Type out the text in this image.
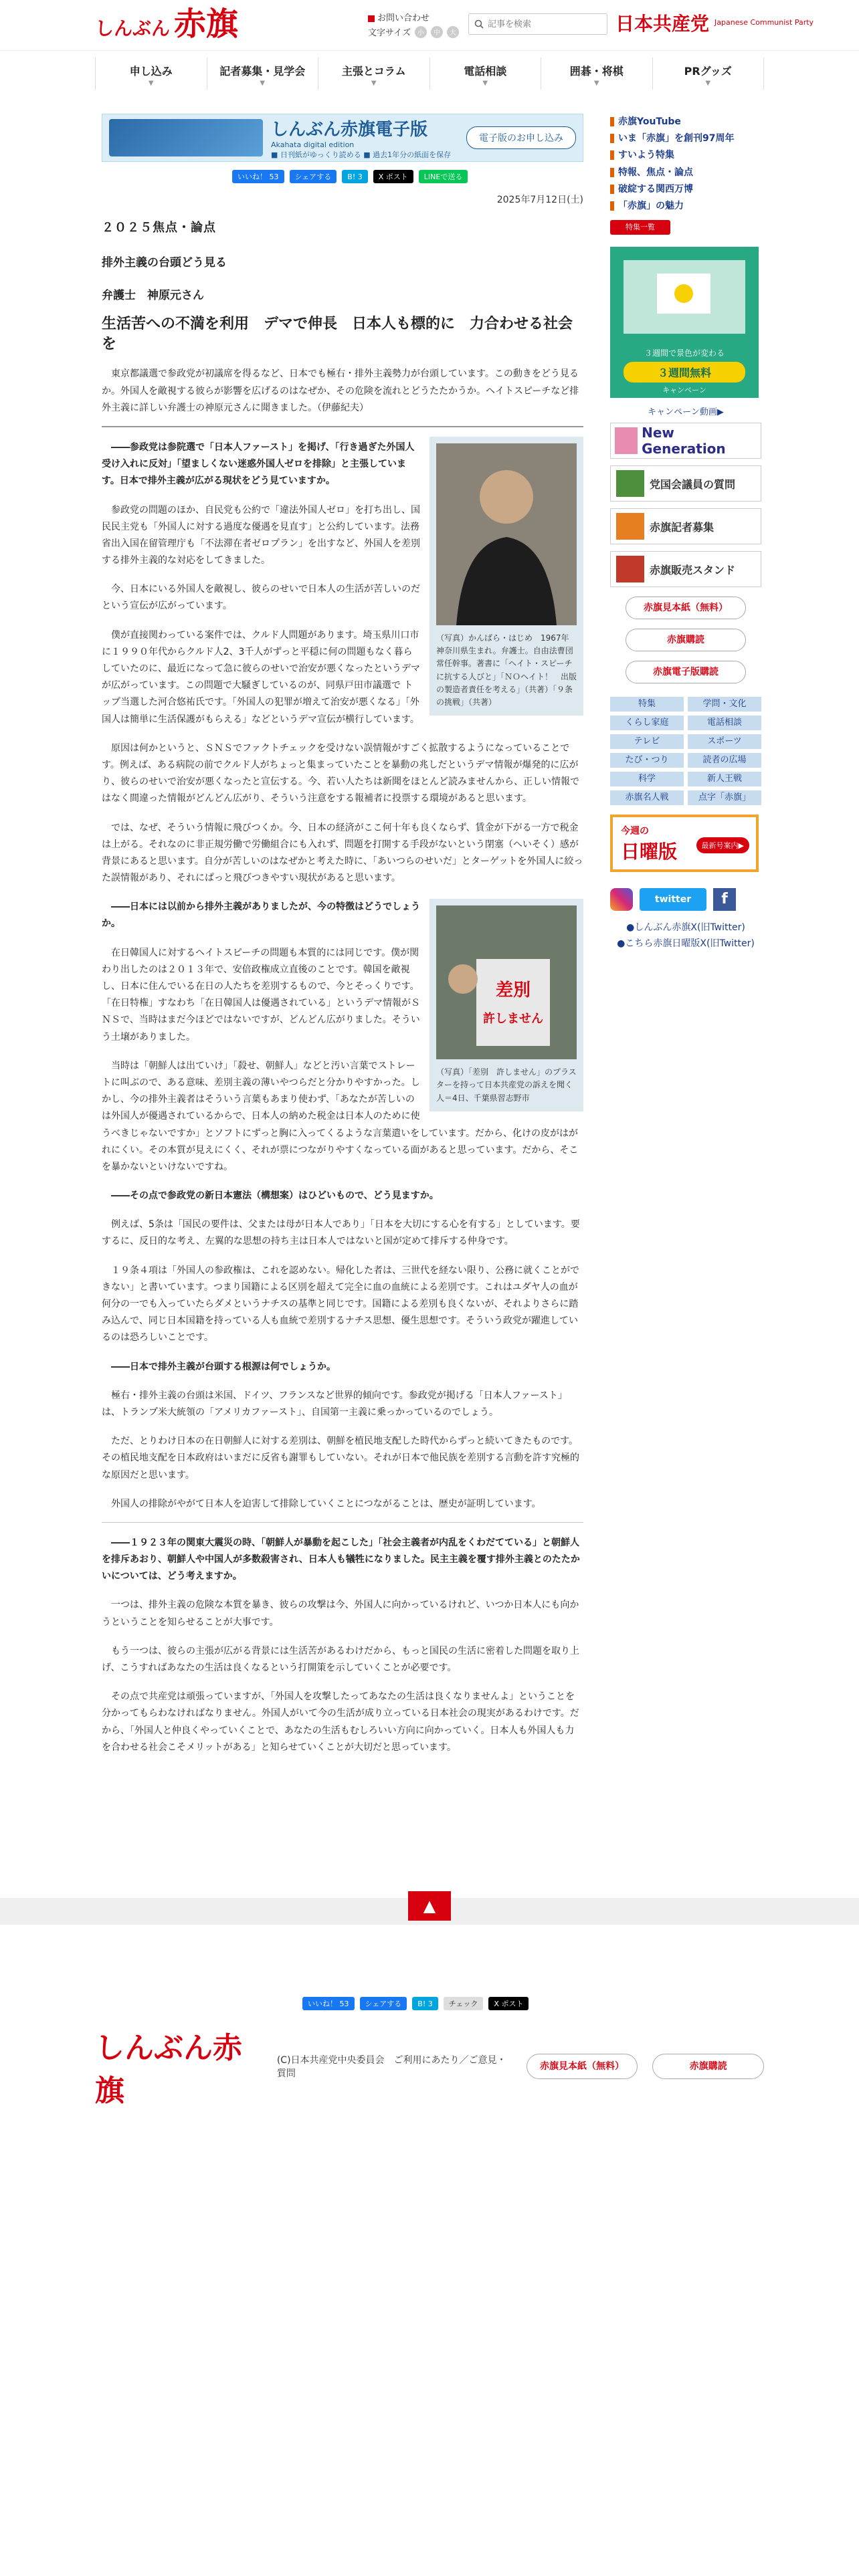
しんぶん 赤旗	お問い合わせ
文字サイズ	小	中	大
記事を検索	日本共産党 Japanese Communist Party
申し込み
▼
記者募集・見学会
▼
主張とコラム
▼
電話相談
▼
囲碁・将棋
▼
PRグッズ
▼
しんぶん赤旗電子版
Akahata digital edition
■ 日刊紙がゆっくり読める ■ 過去1年分の紙面を保存
電子版のお申し込み
いいね！ 53	シェアする	B! 3	X ポスト	LINEで送る
2025年7月12日(土)
２０２５焦点・論点
排外主義の台頭どう見る
弁護士　神原元さん
生活苦への不満を利用　デマで伸長　日本人も標的に　力合わせる社会を

東京都議選で参政党が初議席を得るなど、日本でも極右・排外主義勢力が台頭しています。この動きをどう見るか。外国人を敵視する彼らが影響を広げるのはなぜか、その危険を流れとどうたたかうか。ヘイトスピーチなど排外主義に詳しい弁護士の神原元さんに聞きました。（伊藤紀夫）

（写真）かんばら・はじめ　1967年神奈川県生まれ。弁護士。自由法曹団常任幹事。著書に「ヘイト・スピーチに抗する人びと」「ＮＯヘイト！　出版の製造者責任を考える」（共著）「９条の挑戦」（共著）

――参政党は参院選で「日本人ファースト」を掲げ、「行き過ぎた外国人受け入れに反対」「望ましくない迷惑外国人ゼロを排除」と主張しています。日本で排外主義が広がる現状をどう見ていますか。

参政党の問題のほか、自民党も公約で「違法外国人ゼロ」を打ち出し、国民民主党も「外国人に対する過度な優遇を見直す」と公約しています。法務省出入国在留管理庁も「不法滞在者ゼロプラン」を出すなど、外国人を差別する排外主義的な対応をしてきました。

今、日本にいる外国人を敵視し、彼らのせいで日本人の生活が苦しいのだという宣伝が広がっています。

僕が直接関わっている案件では、クルド人問題があります。埼玉県川口市に１９９０年代からクルド人2、3千人がずっと平穏に何の問題もなく暮らしていたのに、最近になって急に彼らのせいで治安が悪くなったというデマが広がっています。この問題で大騒ぎしているのが、同県戸田市議選で トップ当選した河合悠祐氏です。「外国人の犯罪が増えて治安が悪くなる」「外国人は簡単に生活保護がもらえる」などというデマ宣伝が横行しています。

原因は何かというと、ＳＮＳでファクトチェックを受けない誤情報がすごく拡散するようになっていることです。例えば、ある病院の前でクルド人がちょっと集まっていたことを暴動の兆しだというデマ情報が爆発的に広がり、彼らのせいで治安が悪くなったと宣伝する。今、若い人たちは新聞をほとんど読みませんから、正しい情報ではなく間違った情報がどんどん広がり、そういう注意をする報補者に投票する環境があると思います。

では、なぜ、そういう情報に飛びつくか。今、日本の経済がここ何十年も良くならず、賃金が下がる一方で税金は上がる。それなのに非正規労働で労働組合にも入れず、問題を打開する手段がないという閉塞（へいそく）感が背景にあると思います。自分が苦しいのはなぜかと考えた時に、「あいつらのせいだ」とターゲットを外国人に絞った誤情報があり、それにぱっと飛びつきやすい現状があると思います。

差別
許しません
（写真）「差別　許しません」のプラスターを持って日本共産党の訴えを聞く人＝4日、千葉県習志野市

――日本には以前から排外主義がありましたが、今の特徴はどうでしょうか。

在日韓国人に対するヘイトスピーチの問題も本質的には同じです。僕が関わり出したのは２０１３年で、安倍政権成立直後のことです。韓国を敵視し、日本に住んでいる在日の人たちを差別するもので、今とそっくりです。「在日特権」すなわち「在日韓国人は優遇されている」というデマ情報がＳＮＳで、当時はまだ今ほどではないですが、どんどん広がりました。そういう土壌がありました。

当時は「朝鮮人は出ていけ」「殺せ、朝鮮人」などと汚い言葉でストレートに叫ぶので、ある意味、差別主義の薄いやつらだと分かりやすかった。しかし、今の排外主義者はそういう言葉もあまり使わず、「あなたが苦しいのは外国人が優遇されているからで、日本人の納めた税金は日本人のために使うべきじゃないですか」とソフトにずっと胸に入ってくるような言葉遣いをしています。だから、化けの皮がはがれにくい。その本質が見えにくく、それが票につながりやすくなっている面があると思っています。だから、そこを暴かないといけないですね。

――その点で参政党の新日本憲法（構想案）はひどいもので、どう見ますか。

例えば、5条は「国民の要件は、父または母が日本人であり」「日本を大切にする心を有する」としています。要するに、反日的な考え、左翼的な思想の持ち主は日本人ではないと国が定めて排斥する仲身です。

１９条４項は「外国人の参政権は、これを認めない。帰化した者は、三世代を経ない限り、公務に就くことができない」と書いています。つまり国籍による区別を超えて完全に血の血統による差別です。これはユダヤ人の血が何分の一でも入っていたらダメというナチスの基準と同じです。国籍による差別も良くないが、それよりさらに踏み込んで、同じ日本国籍を持っている人も血統で差別するナチス思想、優生思想です。そういう政党が躍進しているのは恐ろしいことです。

――日本で排外主義が台頭する根源は何でしょうか。

極右・排外主義の台頭は米国、ドイツ、フランスなど世界的傾向です。参政党が掲げる「日本人ファースト」は、トランプ米大統領の「アメリカファースト」、自国第一主義に乗っかっているのでしょう。

ただ、とりわけ日本の在日朝鮮人に対する差別は、朝鮮を植民地支配した時代からずっと続いてきたものです。その植民地支配を日本政府はいまだに反省も謝罪もしていない。それが日本で他民族を差別する言動を許す究極的な原因だと思います。

外国人の排除がやがて日本人を迫害して排除していくことにつながることは、歴史が証明しています。

――１９２３年の関東大震災の時、「朝鮮人が暴動を起こした」「社会主義者が内乱をくわだてている」と朝鮮人を排斥あおり、朝鮮人や中国人が多数殺害され、日本人も犠牲になりました。民主主義を覆す排外主義とのたたかいについては、どう考えますか。

一つは、排外主義の危険な本質を暴き、彼らの攻撃は今、外国人に向かっているけれど、いつか日本人にも向かうということを知らせることが大事です。

もう一つは、彼らの主張が広がる背景には生活苦があるわけだから、もっと国民の生活に密着した問題を取り上げ、こうすればあなたの生活は良くなるという打開策を示していくことが必要です。

その点で共産党は頑張っていますが、「外国人を攻撃したってあなたの生活は良くなりませんよ」ということを分かってもらわなければなりません。外国人がいて今の生活が成り立っている日本社会の現実があるわけです。だから、「外国人と仲良くやっていくことで、あなたの生活もむしろいい方向に向かっていく。日本人も外国人も力を合わせる社会こそメリットがある」と知らせていくことが大切だと思っています。

赤旗YouTube
いま「赤旗」を創刊97周年
すいよう特集
特報、焦点・論点
破綻する関西万博
「赤旗」の魅力
特集一覧
３週間で景色が変わる
３週間無料
キャンペーン
キャンペーン動画▶
New Generation
党国会議員の質問
赤旗記者募集
赤旗販売スタンド
赤旗見本紙（無料）
赤旗購読
赤旗電子版購読
特集	学問・文化
くらし家庭	電話相談
テレビ	スポーツ
たび・つり	読者の広場
科学	新人王戦
赤旗名人戦	点字「赤旗」
今週の
日曜版	最新号案内▶
twitter	f
●しんぶん赤旗X(旧Twitter)
●こちら赤旗日曜版X(旧Twitter)
▲
いいね！ 53	シェアする	B! 3	チェック	X ポスト
しんぶん赤旗
(C)日本共産党中央委員会　ご利用にあたり／ご意見・質問
赤旗見本紙（無料）	赤旗購読
